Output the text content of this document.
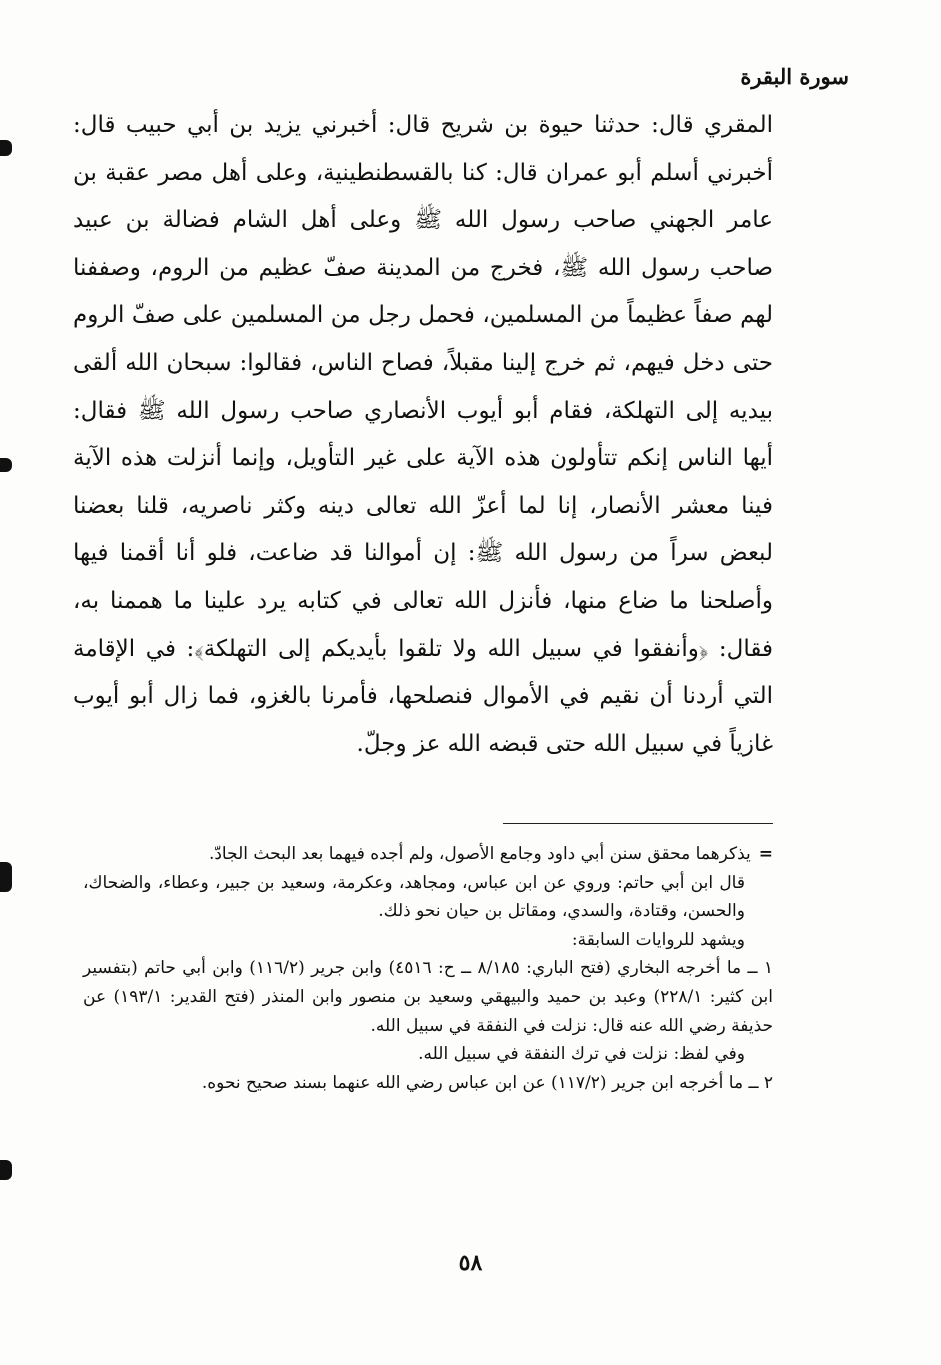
سورة البقرة

المقري قال: حدثنا حيوة بن شريح قال: أخبرني يزيد بن أبي حبيب قال: أخبرني أسلم أبو عمران قال: كنا بالقسطنطينية، وعلى أهل مصر عقبة بن عامر الجهني صاحب رسول الله ﷺ وعلى أهل الشام فضالة بن عبيد صاحب رسول الله ﷺ، فخرج من المدينة صفّ عظيم من الروم، وصففنا لهم صفاً عظيماً من المسلمين، فحمل رجل من المسلمين على صفّ الروم حتى دخل فيهم، ثم خرج إلينا مقبلاً، فصاح الناس، فقالوا: سبحان الله ألقى بيديه إلى التهلكة، فقام أبو أيوب الأنصاري صاحب رسول الله ﷺ فقال: أيها الناس إنكم تتأولون هذه الآية على غير التأويل، وإنما أنزلت هذه الآية فينا معشر الأنصار، إنا لما أعزّ الله تعالى دينه وكثر ناصريه، قلنا بعضنا لبعض سراً من رسول الله ﷺ: إن أموالنا قد ضاعت، فلو أنا أقمنا فيها وأصلحنا ما ضاع منها، فأنزل الله تعالى في كتابه يرد علينا ما هممنا به، فقال: ﴿وأنفقوا في سبيل الله ولا تلقوا بأيديكم إلى التهلكة﴾: في الإقامة التي أردنا أن نقيم في الأموال فنصلحها، فأمرنا بالغزو، فما زال أبو أيوب غازياً في سبيل الله حتى قبضه الله عز وجلّ.

=يذكرهما محقق سنن أبي داود وجامع الأصول، ولم أجده فيهما بعد البحث الجادّ.

قال ابن أبي حاتم: وروي عن ابن عباس، ومجاهد، وعكرمة، وسعيد بن جبير، وعطاء، والضحاك، والحسن، وقتادة، والسدي، ومقاتل بن حيان نحو ذلك.

ويشهد للروايات السابقة:

١ ــ ما أخرجه البخاري (فتح الباري: ٨/١٨٥ ــ ح: ٤٥١٦) وابن جرير (١١٦/٢) وابن أبي حاتم (بتفسير ابن كثير: ٢٢٨/١) وعبد بن حميد والبيهقي وسعيد بن منصور وابن المنذر (فتح القدير: ١٩٣/١) عن حذيفة رضي الله عنه قال: نزلت في النفقة في سبيل الله.

وفي لفظ: نزلت في ترك النفقة في سبيل الله.

٢ ــ ما أخرجه ابن جرير (١١٧/٢) عن ابن عباس رضي الله عنهما بسند صحيح نحوه.

٥٨
